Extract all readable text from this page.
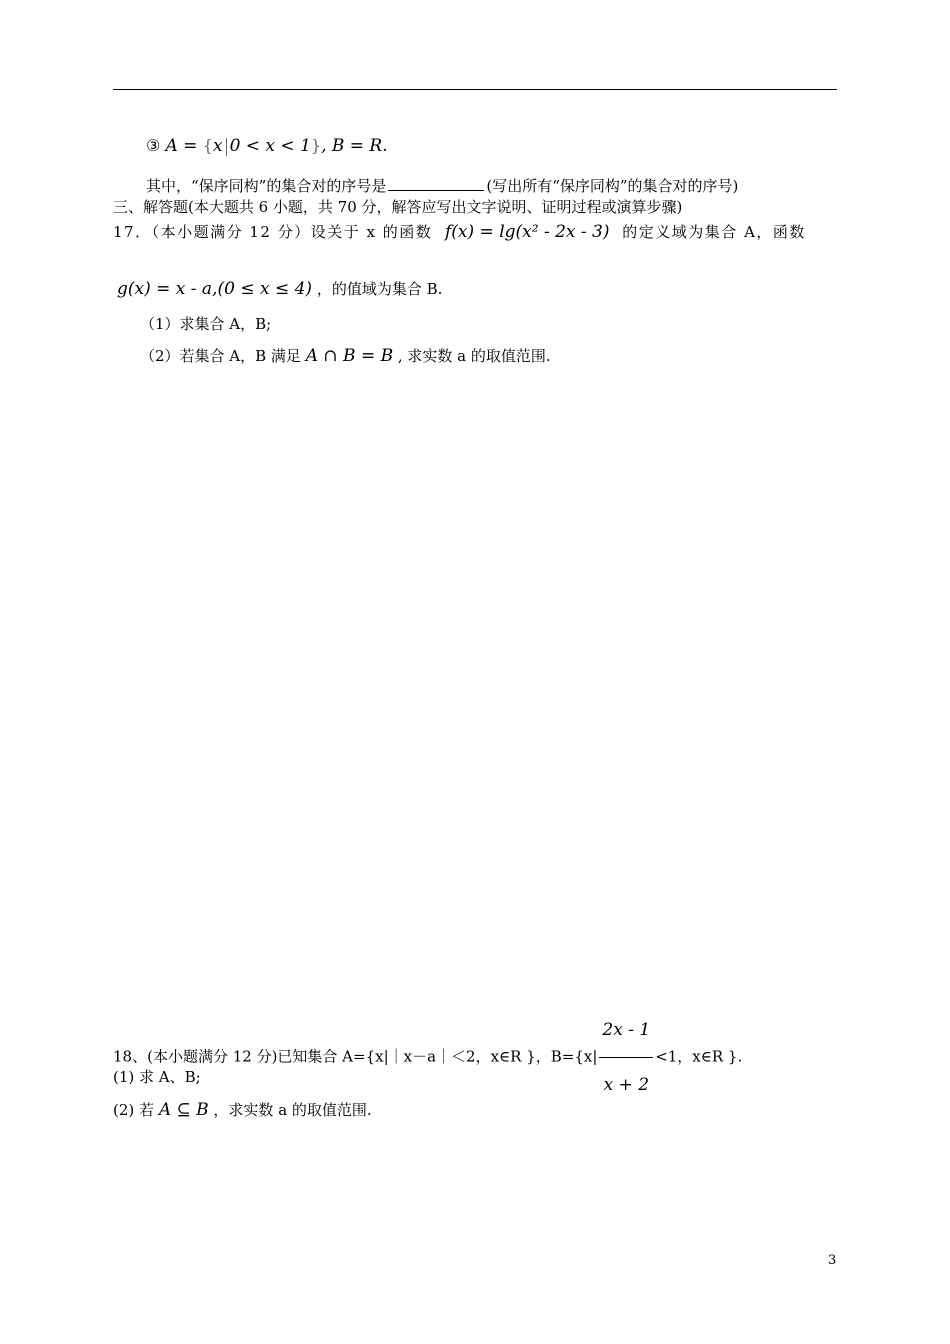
③ A = {x 0 < x < 1}, B = R.
其中，“保序同构”的集合对的序号是	(写出所有“保序同构”的集合对的序号)
三、解答题(本大题共 6 小题，共 70 分，解答应写出文字说明、证明过程或演算步骤)
17．（本小题满分 12 分）设关于 x 的函数 f(x) = lg(x² - 2x - 3) 的定义域为集合 A，函数
g(x) = x - a,(0 ≤ x ≤ 4) ，的值域为集合 B.
（1）求集合 A，B;
（2）若集合 A，B 满足 A ∩ B = B , 求实数 a 的取值范围.
18、(本小题满分 12 分)已知集合 A={x|｜x－a｜＜2，x∈R }，$B=\{x| \frac{2x - 1}{x + 2} <1$，x∈R }.
(1) 求 A、B;
(2) 若 A ⊆ B ，求实数 a 的取值范围.
3
